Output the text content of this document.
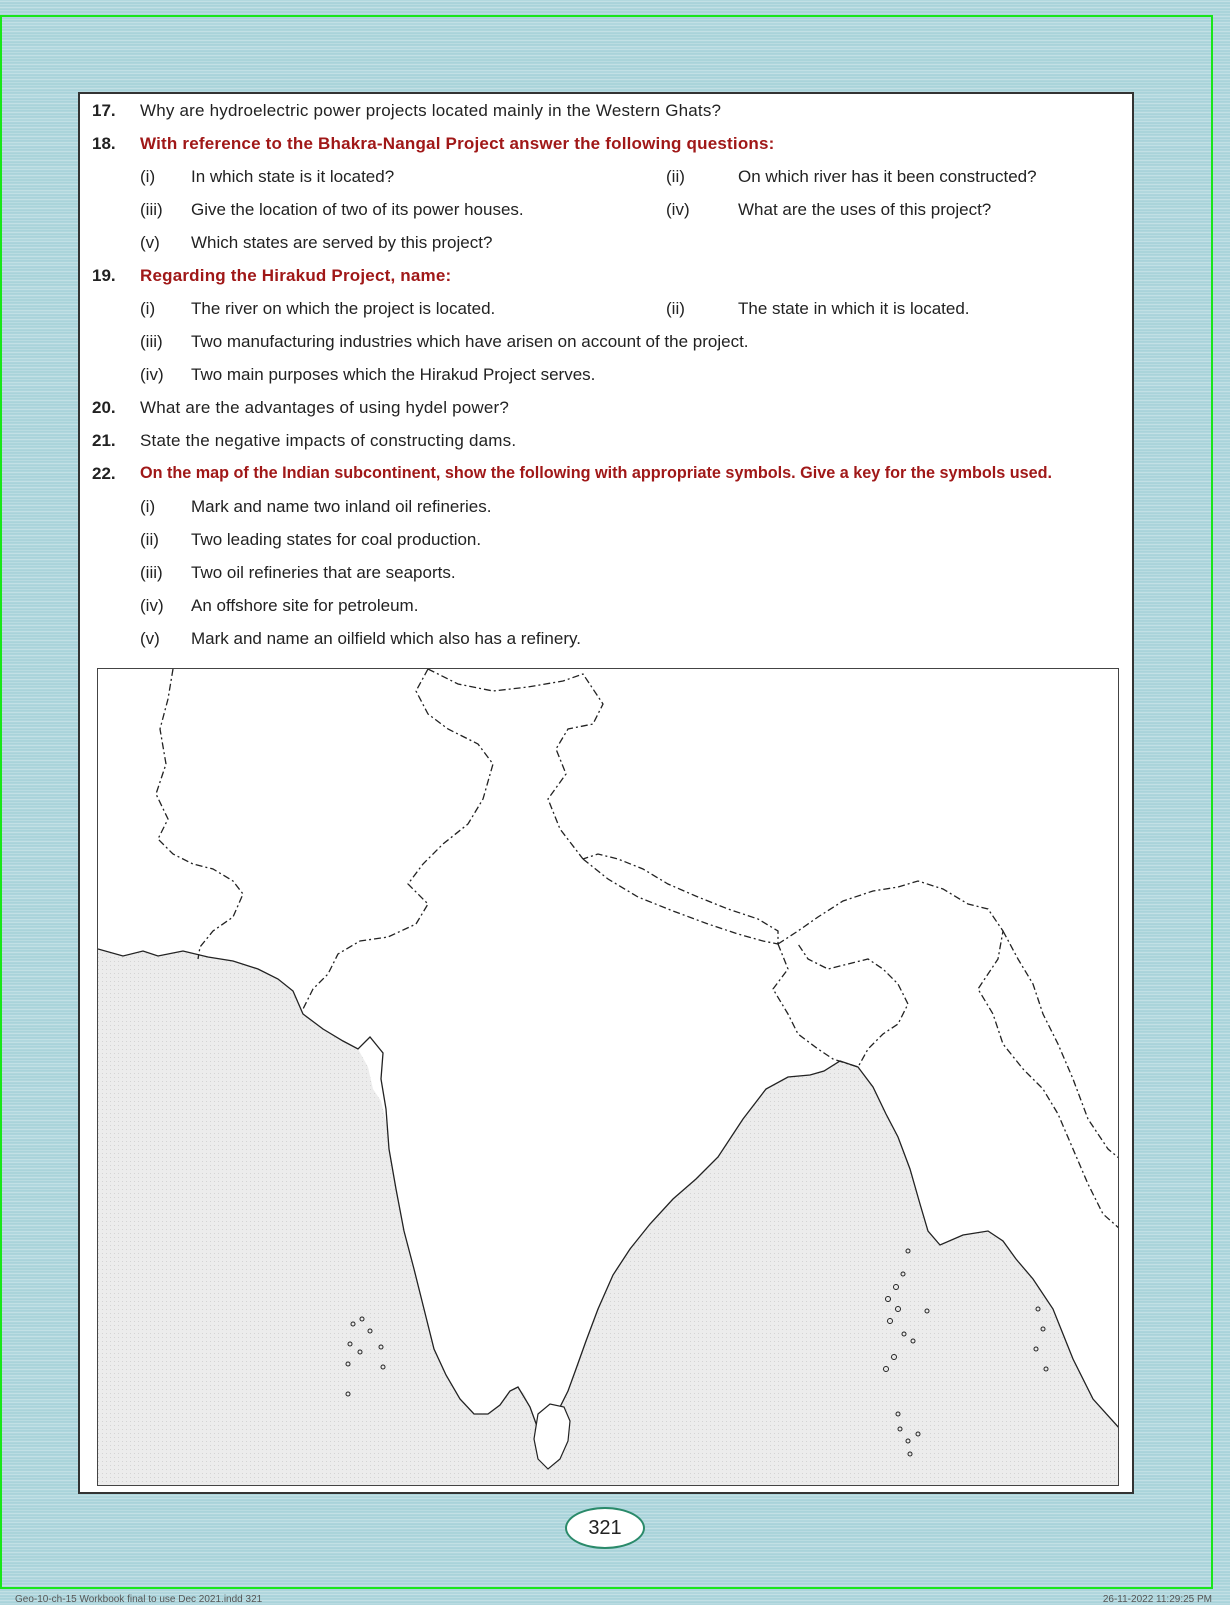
17. Why are hydroelectric power projects located mainly in the Western Ghats?
18. With reference to the Bhakra-Nangal Project answer the following questions:
(i) In which state is it located?	(ii)	On which river has it been constructed?
(iii) Give the location of two of its power houses.	(iv)	What are the uses of this project?
(v) Which states are served by this project?
19. Regarding the Hirakud Project, name:
(i) The river on which the project is located.	(ii)	The state in which it is located.
(iii) Two manufacturing industries which have arisen on account of the project.
(iv) Two main purposes which the Hirakud Project serves.
20. What are the advantages of using hydel power?
21. State the negative impacts of constructing dams.
22. On the map of the Indian subcontinent, show the following with appropriate symbols. Give a key for the symbols used.
(i) Mark and name two inland oil refineries.
(ii) Two leading states for coal production.
(iii) Two oil refineries that are seaports.
(iv) An offshore site for petroleum.
(v) Mark and name an oilfield which also has a refinery.
321
Geo-10-ch-15 Workbook final to use Dec 2021.indd 321	26-11-2022 11:29:25 PM
